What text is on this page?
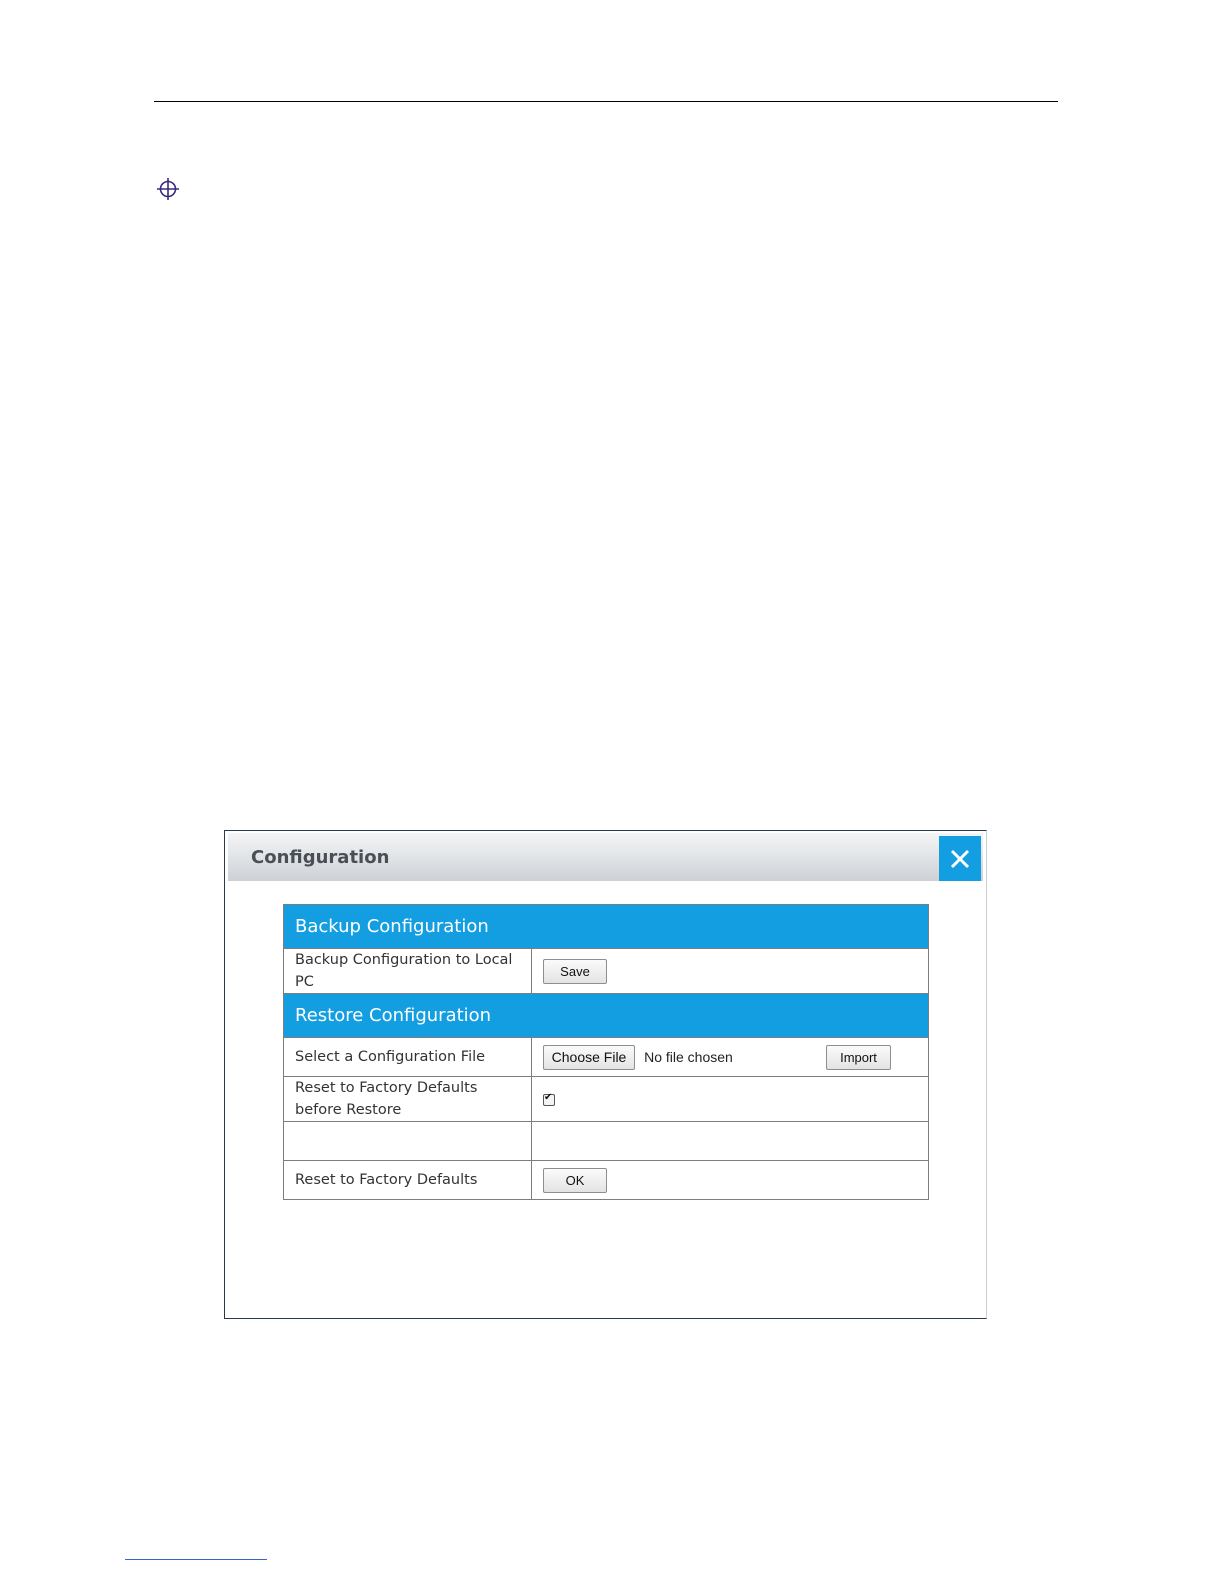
Configuration
Backup Configuration	
Backup Configuration to Local PC	Save
Restore Configuration	
Select a Configuration File	Choose File No file chosen Import

Reset to Factory Defaults before Restore	✔

Reset to Factory Defaults	OK
